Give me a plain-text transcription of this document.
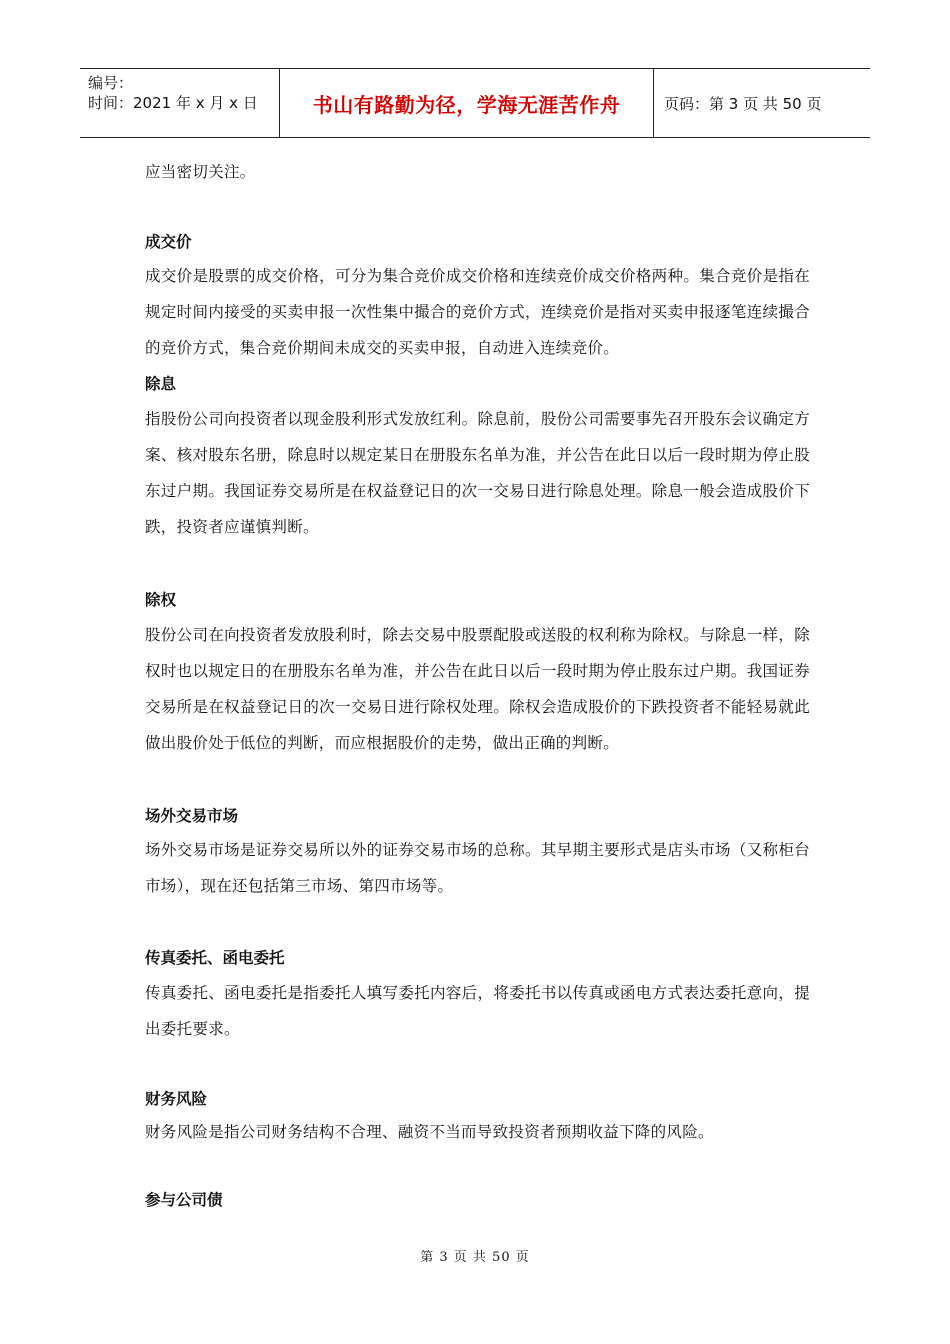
编号：
时间：2021 年 x 月 x 日	书山有路勤为径，学海无涯苦作舟	页码：第 3 页 共 50 页
应当密切关注。
成交价
成交价是股票的成交价格，可分为集合竞价成交价格和连续竞价成交价格两种。集合竞价是指在规定时间内接受的买卖申报一次性集中撮合的竞价方式，连续竞价是指对买卖申报逐笔连续撮合的竞价方式，集合竞价期间未成交的买卖申报，自动进入连续竞价。
除息
指股份公司向投资者以现金股利形式发放红利。除息前，股份公司需要事先召开股东会议确定方案、核对股东名册，除息时以规定某日在册股东名单为准，并公告在此日以后一段时期为停止股东过户期。我国证券交易所是在权益登记日的次一交易日进行除息处理。除息一般会造成股价下跌，投资者应谨慎判断。
除权
股份公司在向投资者发放股利时，除去交易中股票配股或送股的权利称为除权。与除息一样，除权时也以规定日的在册股东名单为准，并公告在此日以后一段时期为停止股东过户期。我国证券交易所是在权益登记日的次一交易日进行除权处理。除权会造成股价的下跌投资者不能轻易就此做出股价处于低位的判断，而应根据股价的走势，做出正确的判断。
场外交易市场
场外交易市场是证券交易所以外的证券交易市场的总称。其早期主要形式是店头市场（又称柜台市场），现在还包括第三市场、第四市场等。
传真委托、函电委托
传真委托、函电委托是指委托人填写委托内容后，将委托书以传真或函电方式表达委托意向，提出委托要求。
财务风险
财务风险是指公司财务结构不合理、融资不当而导致投资者预期收益下降的风险。
参与公司债
第 3 页 共 50 页
